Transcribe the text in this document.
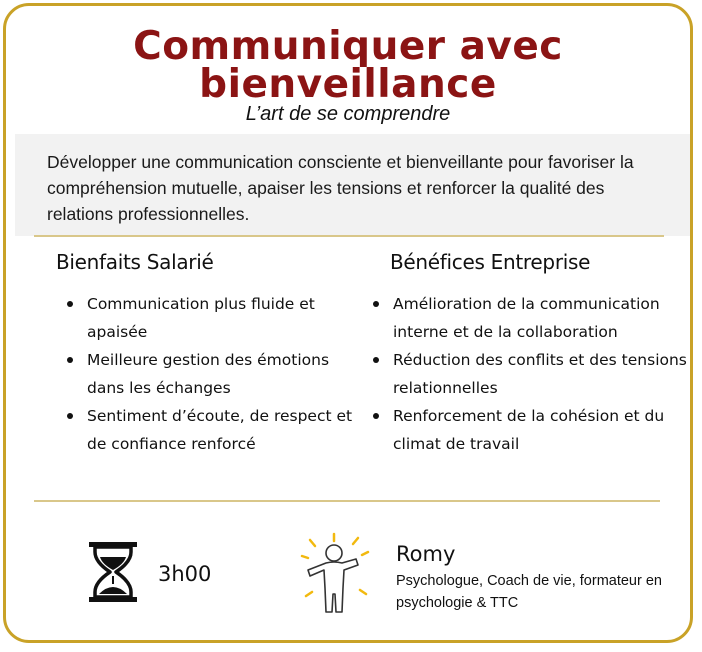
Communiquer avec
bienveillance
L’art de se comprendre
Développer une communication consciente et bienveillante pour favoriser la compréhension mutuelle, apaiser les tensions et renforcer la qualité des relations professionnelles.
Bienfaits Salarié
Communication plus fluide et apaisée
Meilleure gestion des émotions dans les échanges
Sentiment d’écoute, de respect et de confiance renforcé
Bénéfices Entreprise
Amélioration de la communication interne et de la collaboration
Réduction des conflits et des tensions relationnelles
Renforcement de la cohésion et du climat de travail
3h00
Romy
Psychologue, Coach de vie, formateur en psychologie & TTC
